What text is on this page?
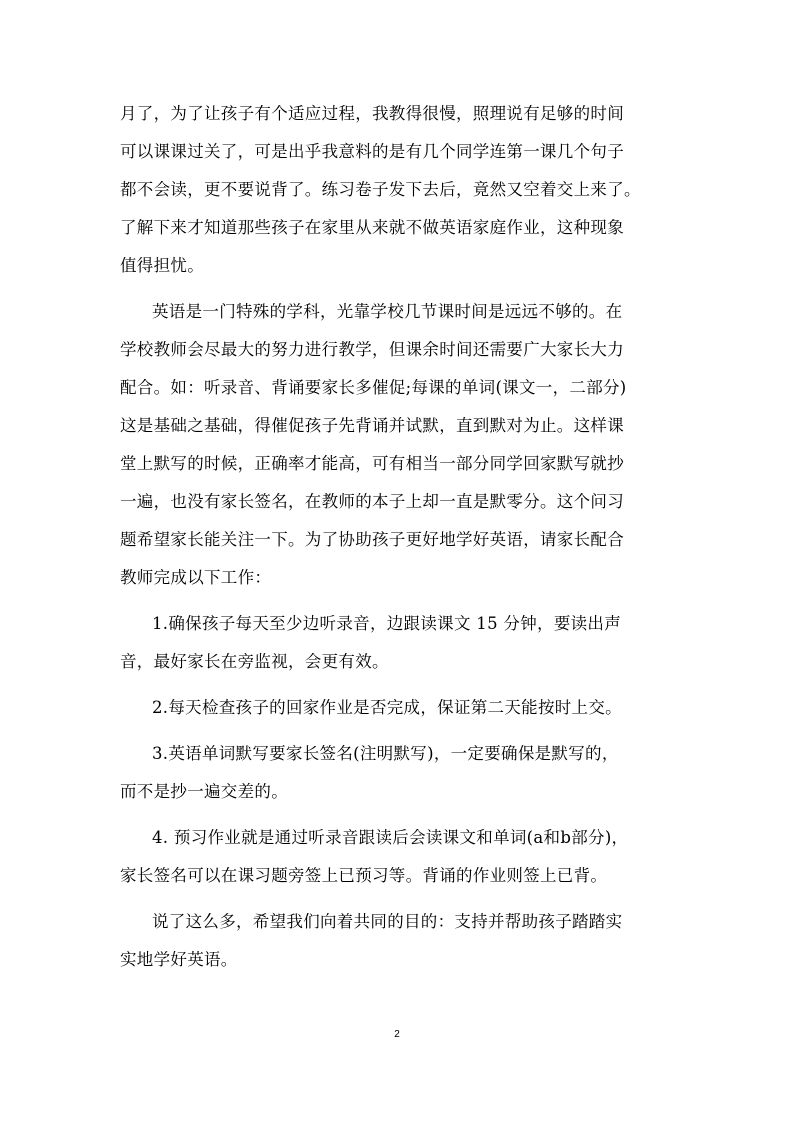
月了，为了让孩子有个适应过程，我教得很慢，照理说有足够的时间
可以课课过关了，可是出乎我意料的是有几个同学连第一课几个句子
都不会读，更不要说背了。练习卷子发下去后，竟然又空着交上来了。
了解下来才知道那些孩子在家里从来就不做英语家庭作业，这种现象
值得担忧。
英语是一门特殊的学科，光靠学校几节课时间是远远不够的。在
学校教师会尽最大的努力进行教学，但课余时间还需要广大家长大力
配合。如：听录音、背诵要家长多催促;每课的单词(课文一，二部分)
这是基础之基础，得催促孩子先背诵并试默，直到默对为止。这样课
堂上默写的时候，正确率才能高，可有相当一部分同学回家默写就抄
一遍，也没有家长签名，在教师的本子上却一直是默零分。这个问习
题希望家长能关注一下。为了协助孩子更好地学好英语，请家长配合
教师完成以下工作：
1.确保孩子每天至少边听录音，边跟读课文 15 分钟，要读出声
音，最好家长在旁监视，会更有效。
2.每天检查孩子的回家作业是否完成，保证第二天能按时上交。
3.英语单词默写要家长签名(注明默写)，一定要确保是默写的，
而不是抄一遍交差的。
4. 预习作业就是通过听录音跟读后会读课文和单词(a和b部分)，
家长签名可以在课习题旁签上已预习等。背诵的作业则签上已背。
说了这么多，希望我们向着共同的目的：支持并帮助孩子踏踏实
实地学好英语。
2
